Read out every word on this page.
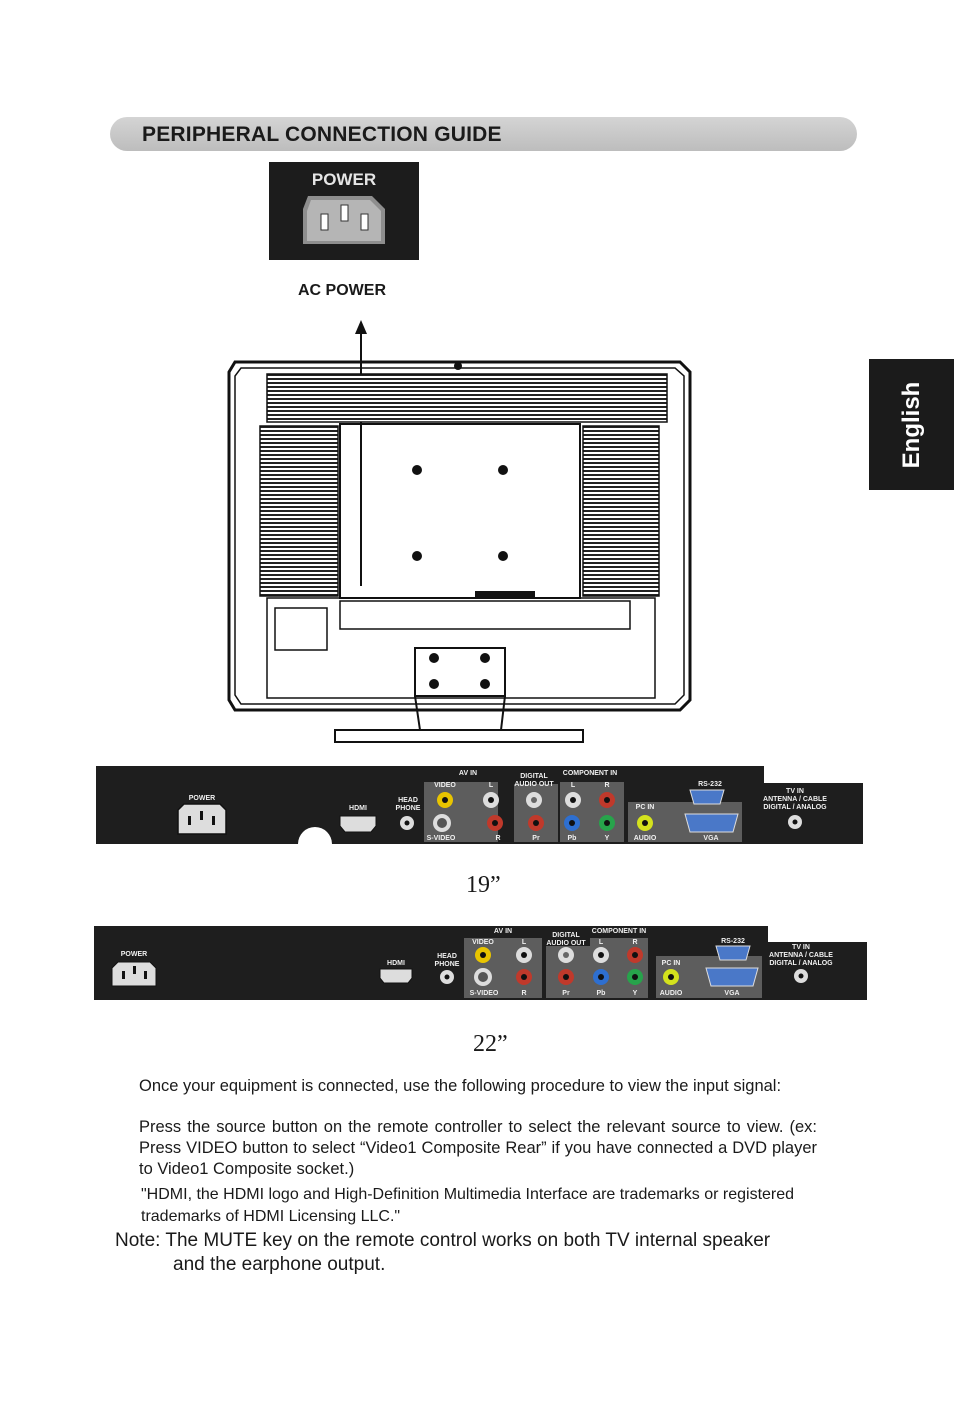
PERIPHERAL CONNECTION GUIDE
English
POWER
AC POWER
POWER
HDMI
HEAD
PHONE
AV IN
VIDEO	L
S-VIDEO	R
DIGITAL
AUDIO OUT
COMPONENT IN
L	R
Pr	Pb	Y
PC IN
AUDIO	VGA
RS-232
TV IN
ANTENNA / CABLE
DIGITAL / ANALOG
19”
POWER
HDMI
HEAD
PHONE
AV IN
VIDEO	L
S-VIDEO	R
DIGITAL
AUDIO OUT
COMPONENT IN
L	R
Pr	Pb	Y
PC IN
AUDIO	VGA
RS-232
TV IN
ANTENNA / CABLE
DIGITAL / ANALOG
22”
Once your equipment is connected, use the following procedure to view the input signal:
Press the source button on the remote controller to select the relevant source to view. (ex: Press VIDEO button to select “Video1 Composite Rear” if you have connected a DVD player to Video1 Composite socket.)
"HDMI, the HDMI logo and High-Definition Multimedia Interface are trademarks or registered trademarks of HDMI Licensing LLC."
Note: The MUTE key on the remote control works on both TV internal speaker
and the earphone output.
